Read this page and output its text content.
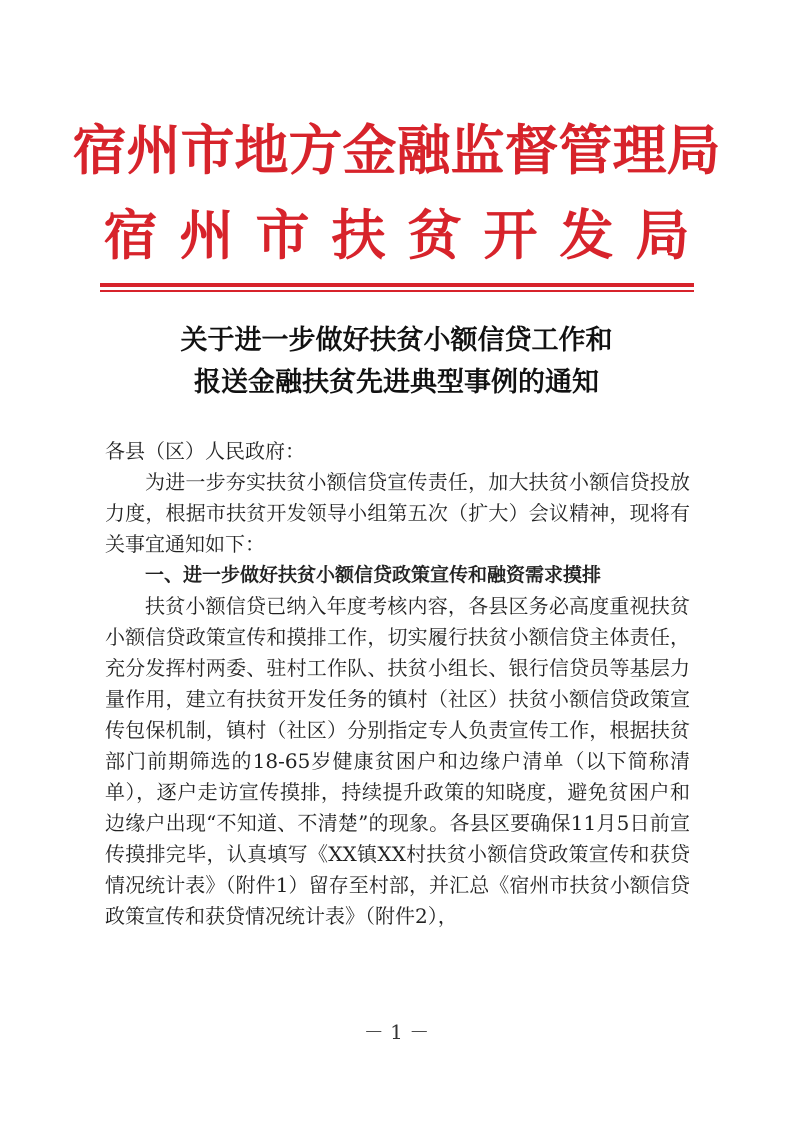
宿州市地方金融监督管理局
宿州市扶贫开发局
关于进一步做好扶贫小额信贷工作和
报送金融扶贫先进典型事例的通知

各县（区）人民政府：

为进一步夯实扶贫小额信贷宣传责任，加大扶贫小额信贷投放力度，根据市扶贫开发领导小组第五次（扩大）会议精神，现将有关事宜通知如下：

一、进一步做好扶贫小额信贷政策宣传和融资需求摸排

扶贫小额信贷已纳入年度考核内容，各县区务必高度重视扶贫小额信贷政策宣传和摸排工作，切实履行扶贫小额信贷主体责任，充分发挥村两委、驻村工作队、扶贫小组长、银行信贷员等基层力量作用，建立有扶贫开发任务的镇村（社区）扶贫小额信贷政策宣传包保机制，镇村（社区）分别指定专人负责宣传工作，根据扶贫部门前期筛选的18-65岁健康贫困户和边缘户清单（以下简称清单），逐户走访宣传摸排，持续提升政策的知晓度，避免贫困户和边缘户出现“不知道、不清楚”的现象。各县区要确保11月5日前宣传摸排完毕，认真填写《XX镇XX村扶贫小额信贷政策宣传和获贷情况统计表》（附件1）留存至村部，并汇总《宿州市扶贫小额信贷政策宣传和获贷情况统计表》（附件2），

－ 1 －
